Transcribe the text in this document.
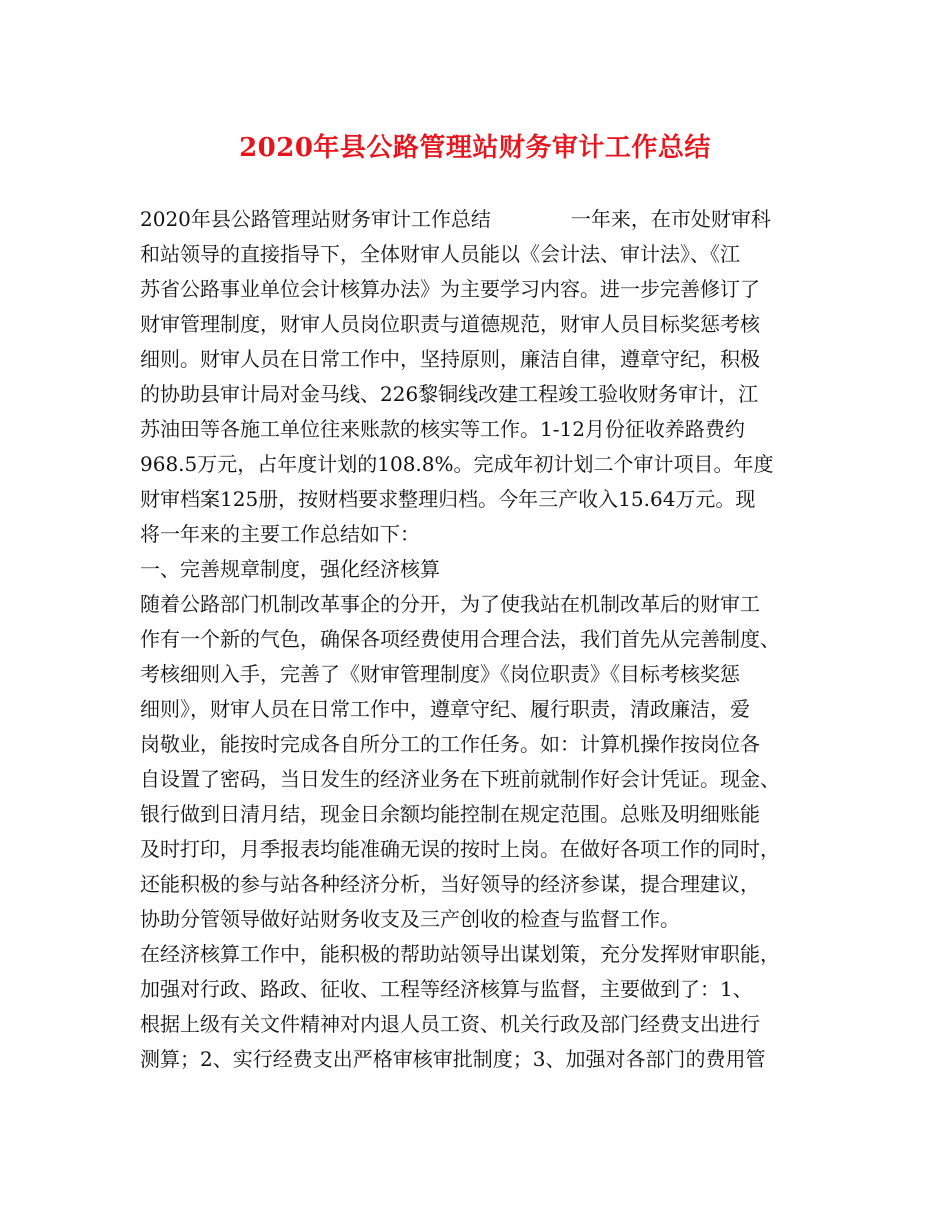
2020年县公路管理站财务审计工作总结
2020年县公路管理站财务审计工作总结　　　　一年来，在市处财审科
和站领导的直接指导下，全体财审人员能以《会计法、审计法》、《江
苏省公路事业单位会计核算办法》为主要学习内容。进一步完善修订了
财审管理制度，财审人员岗位职责与道德规范，财审人员目标奖惩考核
细则。财审人员在日常工作中，坚持原则，廉洁自律，遵章守纪，积极
的协助县审计局对金马线、226黎铜线改建工程竣工验收财务审计，江
苏油田等各施工单位往来账款的核实等工作。1-12月份征收养路费约
968.5万元，占年度计划的108.8%。完成年初计划二个审计项目。年度
财审档案125册，按财档要求整理归档。今年三产收入15.64万元。现
将一年来的主要工作总结如下：
一、完善规章制度，强化经济核算
随着公路部门机制改革事企的分开，为了使我站在机制改革后的财审工
作有一个新的气色，确保各项经费使用合理合法，我们首先从完善制度、
考核细则入手，完善了《财审管理制度》《岗位职责》《目标考核奖惩
细则》，财审人员在日常工作中，遵章守纪、履行职责，清政廉洁，爱
岗敬业，能按时完成各自所分工的工作任务。如：计算机操作按岗位各
自设置了密码，当日发生的经济业务在下班前就制作好会计凭证。现金、
银行做到日清月结，现金日余额均能控制在规定范围。总账及明细账能
及时打印，月季报表均能准确无误的按时上岗。在做好各项工作的同时，
还能积极的参与站各种经济分析，当好领导的经济参谋，提合理建议，
协助分管领导做好站财务收支及三产创收的检查与监督工作。
在经济核算工作中，能积极的帮助站领导出谋划策，充分发挥财审职能，
加强对行政、路政、征收、工程等经济核算与监督，主要做到了：1、
根据上级有关文件精神对内退人员工资、机关行政及部门经费支出进行
测算；2、实行经费支出严格审核审批制度；3、加强对各部门的费用管
